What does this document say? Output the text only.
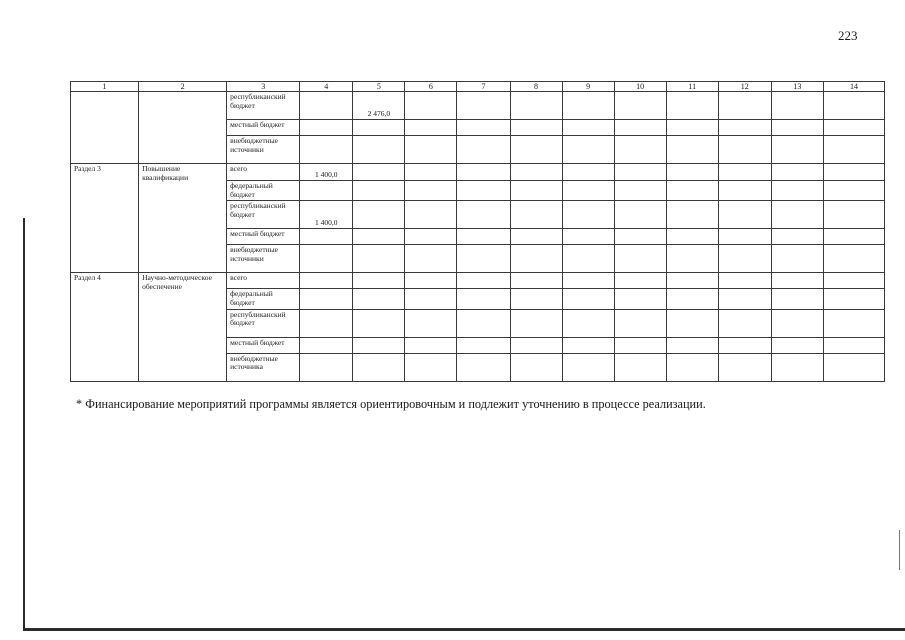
223
1	2	3	4	5	6	7	8	9	10	11	12	13	14
		республиканский бюджет		2 476,0									
		местный бюджет											
		внебюджетные источники											
Раздел 3	Повышение квалификации	всего	1 400,0										
		федеральный бюджет											
		республиканский бюджет	1 400,0										
		местный бюджет											
		внебюджетные источники											
Раздел 4	Научно-методическое обеспечение	всего											
		федеральный бюджет											
		республиканский бюджет											
		местный бюджет											
		внебюджетные источника											
* Финансирование мероприятий программы является ориентировочным и подлежит уточнению в процессе реализации.
